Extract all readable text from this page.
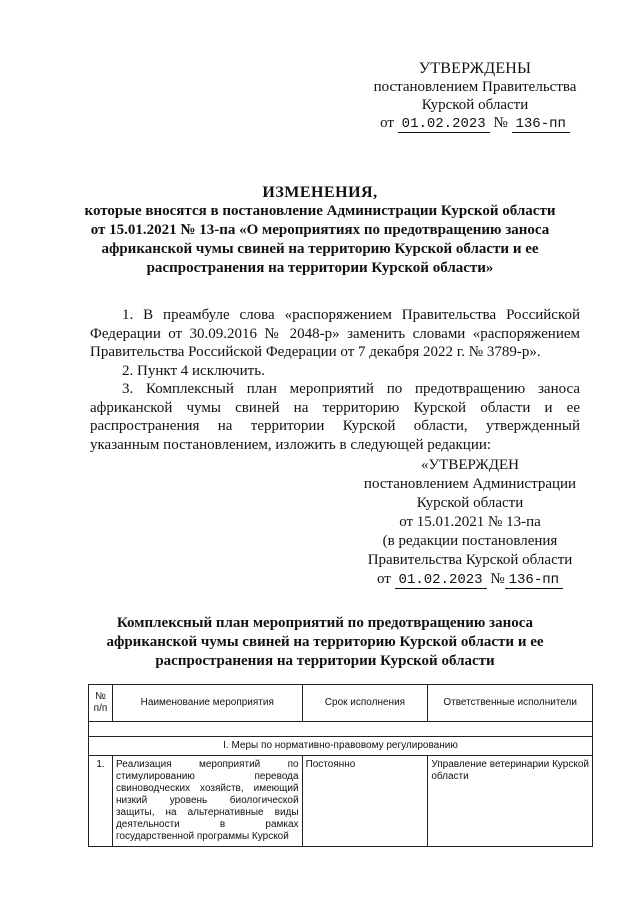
УТВЕРЖДЕНЫ
постановлением Правительства
Курской области
от 01.02.2023 № 136-пп
ИЗМЕНЕНИЯ,
которые вносятся в постановление Администрации Курской области
от 15.01.2021 № 13-па «О мероприятиях по предотвращению заноса
африканской чумы свиней на территорию Курской области и ее
распространения на территории Курской области»

1. В преамбуле слова «распоряжением Правительства Российской Федерации от 30.09.2016 № 2048-р» заменить словами «распоряжением Правительства Российской Федерации от 7 декабря 2022 г. № 3789-р».

2. Пункт 4 исключить.

3. Комплексный план мероприятий по предотвращению заноса африканской чумы свиней на территорию Курской области и ее распространения на территории Курской области, утвержденный указанным постановлением, изложить в следующей редакции:

«УТВЕРЖДЕН
постановлением Администрации
Курской области
от 15.01.2021 № 13-па
(в редакции постановления
Правительства Курской области
от 01.02.2023 № 136-пп
Комплексный план мероприятий по предотвращению заноса
африканской чумы свиней на территорию Курской области и ее
распространения на территории Курской области
№ п/п	Наименование мероприятия	Срок исполнения	Ответственные исполнители

I. Меры по нормативно-правовому регулированию			
1.	Реализация мероприятий по стимулированию перевода свиноводческих хозяйств, имеющий низкий уровень биологической защиты, на альтернативные виды деятельности в рамках государственной программы Курской	Постоянно	Управление ветеринарии Курской области
